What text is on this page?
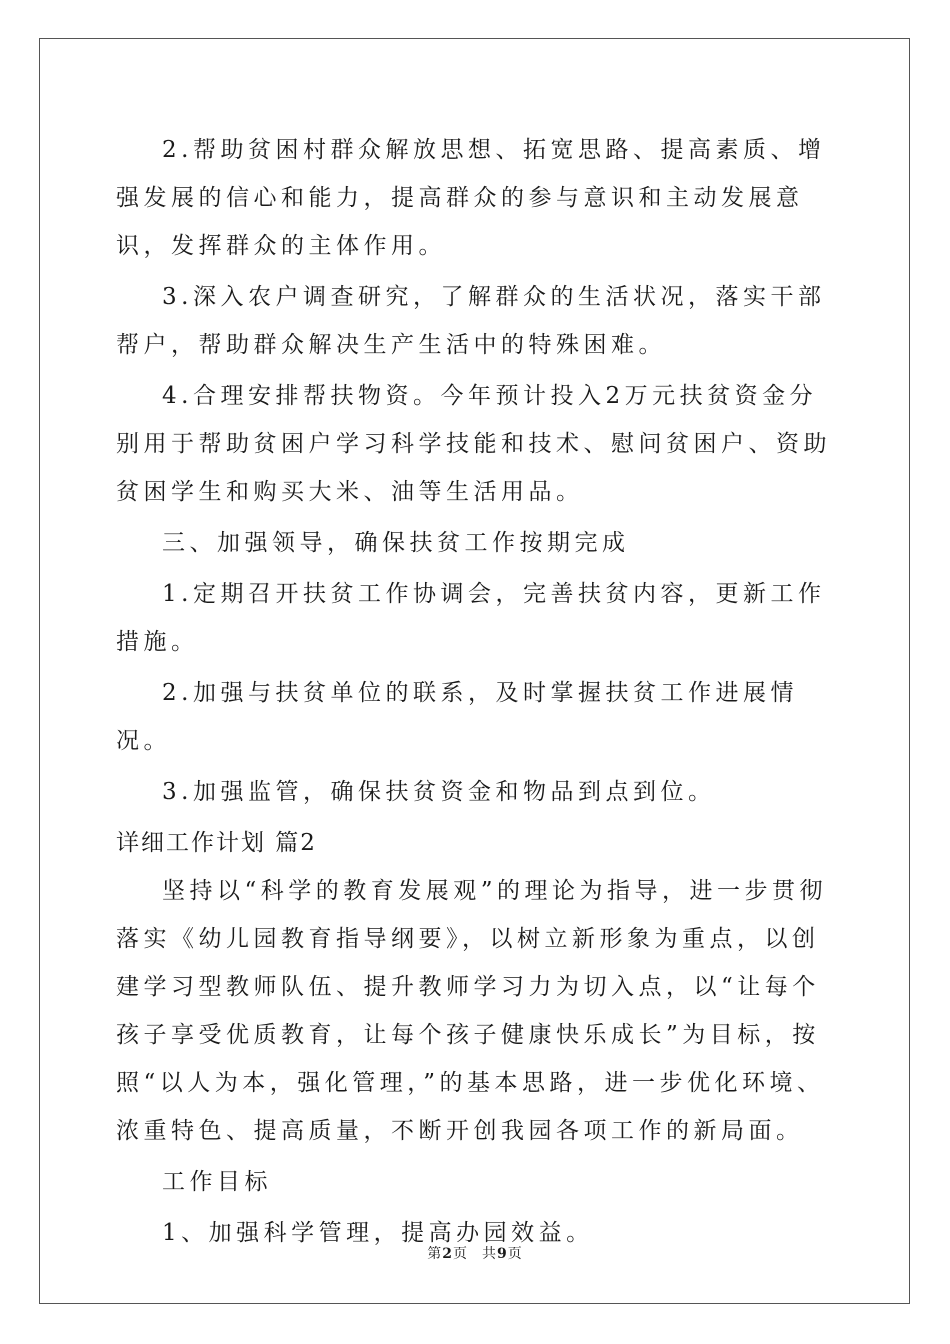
2.帮助贫困村群众解放思想、拓宽思路、提高素质、增强发展的信心和能力，提高群众的参与意识和主动发展意识，发挥群众的主体作用。

3.深入农户调查研究，了解群众的生活状况，落实干部帮户，帮助群众解决生产生活中的特殊困难。

4.合理安排帮扶物资。今年预计投入2万元扶贫资金分别用于帮助贫困户学习科学技能和技术、慰问贫困户、资助贫困学生和购买大米、油等生活用品。

三、加强领导，确保扶贫工作按期完成

1.定期召开扶贫工作协调会，完善扶贫内容，更新工作措施。

2.加强与扶贫单位的联系，及时掌握扶贫工作进展情况。

3.加强监管，确保扶贫资金和物品到点到位。

详细工作计划 篇2

坚持以“科学的教育发展观”的理论为指导，进一步贯彻落实《幼儿园教育指导纲要》，以树立新形象为重点，以创建学习型教师队伍、提升教师学习力为切入点，以“让每个孩子享受优质教育，让每个孩子健康快乐成长”为目标，按照“以人为本，强化管理，”的基本思路，进一步优化环境、浓重特色、提高质量，不断开创我园各项工作的新局面。

工作目标

1、加强科学管理，提高办园效益。

第2页 共9页
